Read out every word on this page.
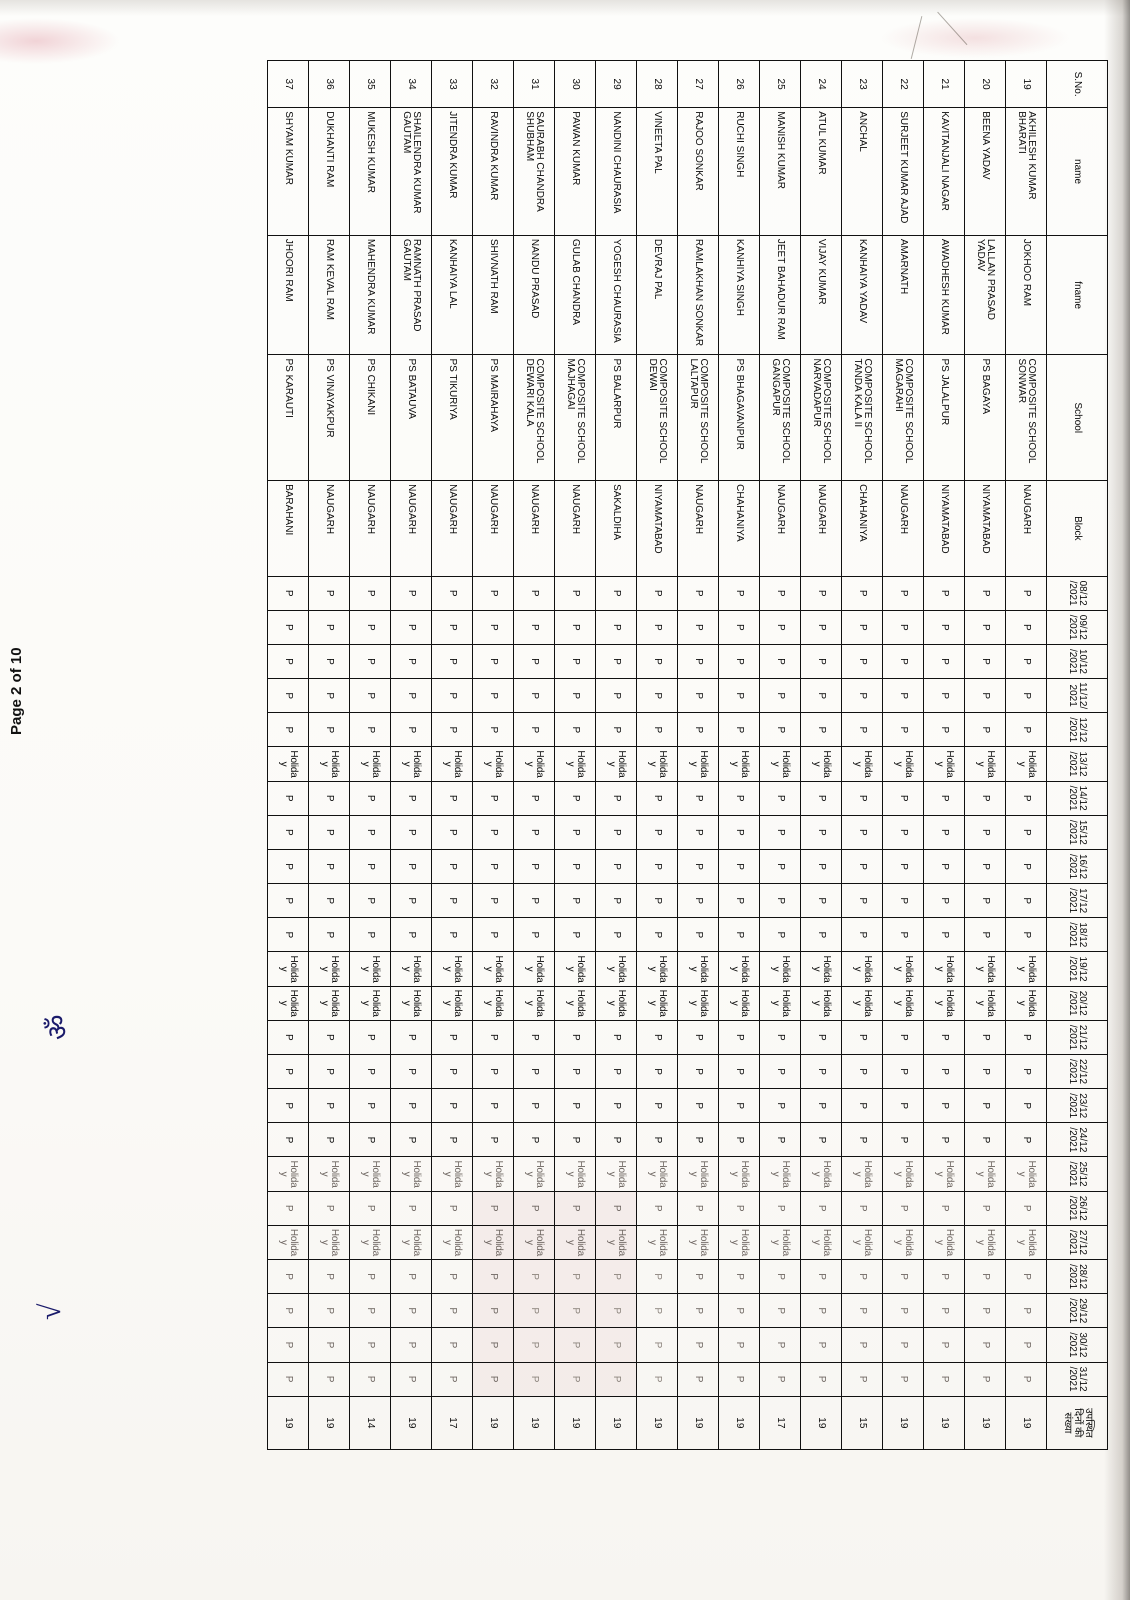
Page 2 of 10
ॐ
√
S.No.	name	fname	School	Block	08/12/2021	09/12/2021	10/12/2021	11/12/2021	12/12/2021	13/12/2021	14/12/2021	15/12/2021	16/12/2021	17/12/2021	18/12/2021	19/12/2021	20/12/2021	21/12/2021	22/12/2021	23/12/2021	24/12/2021	25/12/2021	26/12/2021	27/12/2021	28/12/2021	29/12/2021	30/12/2021	31/12/2021	उपस्थित दिनों की संख्या
19	AKHILESH KUMAR BHARATI	JOKHOO RAM	COMPOSITE SCHOOL SONWAR	NAUGARH	P	P	P	P	P	Holiday	P	P	P	P	P	Holiday	Holiday	P	P	P	P	Holiday	P	Holiday	P	P	P	P	19
20	BEENA YADAV	LALLAN PRASAD YADAV	PS BAGAYA	NIYAMATABAD	P	P	P	P	P	Holiday	P	P	P	P	P	Holiday	Holiday	P	P	P	P	Holiday	P	Holiday	P	P	P	P	19
21	KAVITANJALI NAGAR	AWADHESH KUMAR	PS JALALPUR	NIYAMATABAD	P	P	P	P	P	Holiday	P	P	P	P	P	Holiday	Holiday	P	P	P	P	Holiday	P	Holiday	P	P	P	P	19
22	SURJEET KUMAR AJAD	AMARNATH	COMPOSITE SCHOOL MAGARAHI	NAUGARH	P	P	P	P	P	Holiday	P	P	P	P	P	Holiday	Holiday	P	P	P	P	Holiday	P	Holiday	P	P	P	P	19
23	ANCHAL	KANHAIYA YADAV	COMPOSITE SCHOOL TANDA KALA II	CHAHANIYA	P	P	P	P	P	Holiday	P	P	P	P	P	Holiday	Holiday	P	P	P	P	Holiday	P	Holiday	P	P	P	P	15
24	ATUL KUMAR	VIJAY KUMAR	COMPOSITE SCHOOL NARVADAPUR	NAUGARH	P	P	P	P	P	Holiday	P	P	P	P	P	Holiday	Holiday	P	P	P	P	Holiday	P	Holiday	P	P	P	P	19
25	MANISH KUMAR	JEET BAHADUR RAM	COMPOSITE SCHOOL GANGAPUR	NAUGARH	P	P	P	P	P	Holiday	P	P	P	P	P	Holiday	Holiday	P	P	P	P	Holiday	P	Holiday	P	P	P	P	17
26	RUCHI SINGH	KANHIYA SINGH	PS BHAGAVANPUR	CHAHANIYA	P	P	P	P	P	Holiday	P	P	P	P	P	Holiday	Holiday	P	P	P	P	Holiday	P	Holiday	P	P	P	P	19
27	RAJOO SONKAR	RAMLAKHAN SONKAR	COMPOSITE SCHOOL LALTAPUR	NAUGARH	P	P	P	P	P	Holiday	P	P	P	P	P	Holiday	Holiday	P	P	P	P	Holiday	P	Holiday	P	P	P	P	19
28	VINEETA PAL	DEVRAJ PAL	COMPOSITE SCHOOL DEWAI	NIYAMATABAD	P	P	P	P	P	Holiday	P	P	P	P	P	Holiday	Holiday	P	P	P	P	Holiday	P	Holiday	P	P	P	P	19
29	NANDINI CHAURASIA	YOGESH CHAURASIA	PS BALARPUR	SAKALDIHA	P	P	P	P	P	Holiday	P	P	P	P	P	Holiday	Holiday	P	P	P	P	Holiday	P	Holiday	P	P	P	P	19
30	PAWAN KUMAR	GULAB CHANDRA	COMPOSITE SCHOOL MAJHAGAI	NAUGARH	P	P	P	P	P	Holiday	P	P	P	P	P	Holiday	Holiday	P	P	P	P	Holiday	P	Holiday	P	P	P	P	19
31	SAURABH CHANDRA SHUBHAM	NANDU PRASAD	COMPOSITE SCHOOL DEWARI KALA	NAUGARH	P	P	P	P	P	Holiday	P	P	P	P	P	Holiday	Holiday	P	P	P	P	Holiday	P	Holiday	P	P	P	P	19
32	RAVINDRA KUMAR	SHIVNATH RAM	PS MAIRAHAYA	NAUGARH	P	P	P	P	P	Holiday	P	P	P	P	P	Holiday	Holiday	P	P	P	P	Holiday	P	Holiday	P	P	P	P	19
33	JITENDRA KUMAR	KANHAIYA LAL	PS TIKURIYA	NAUGARH	P	P	P	P	P	Holiday	P	P	P	P	P	Holiday	Holiday	P	P	P	P	Holiday	P	Holiday	P	P	P	P	17
34	SHAILENDRA KUMAR GAUTAM	RAMNATH PRASAD GAUTAM	PS BATAUVA	NAUGARH	P	P	P	P	P	Holiday	P	P	P	P	P	Holiday	Holiday	P	P	P	P	Holiday	P	Holiday	P	P	P	P	19
35	MUKESH KUMAR	MAHENDRA KUMAR	PS CHIKANI	NAUGARH	P	P	P	P	P	Holiday	P	P	P	P	P	Holiday	Holiday	P	P	P	P	Holiday	P	Holiday	P	P	P	P	14
36	DUKHANTI RAM	RAM KEVAL RAM	PS VINAYAKPUR	NAUGARH	P	P	P	P	P	Holiday	P	P	P	P	P	Holiday	Holiday	P	P	P	P	Holiday	P	Holiday	P	P	P	P	19
37	SHYAM KUMAR	JHOORI RAM	PS KARAUTI	BARAHANI	P	P	P	P	P	Holiday	P	P	P	P	P	Holiday	Holiday	P	P	P	P	Holiday	P	Holiday	P	P	P	P	19
